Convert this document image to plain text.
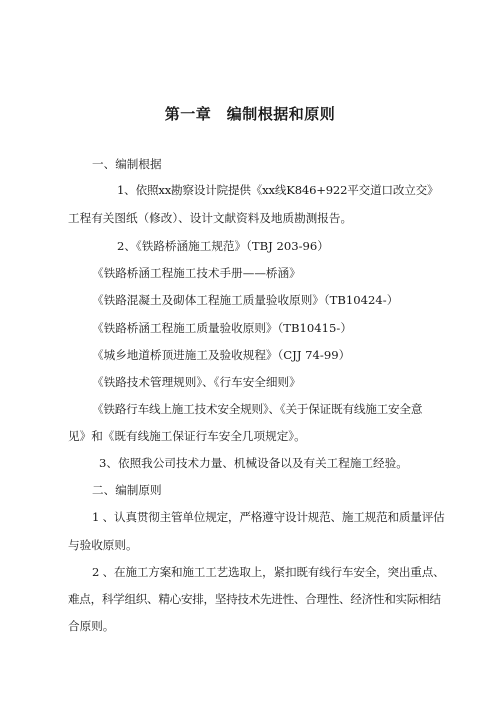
第一章　编制根据和原则
一、编制根据
1、依照xx勘察设计院提供《xx线K846+922平交道口改立交》
工程有关图纸（修改）、设计文献资料及地质勘测报告。
2、《铁路桥涵施工规范》（TBJ 203-96）
《铁路桥涵工程施工技术手册——桥涵》
《铁路混凝土及砌体工程施工质量验收原则》（TB10424-）
《铁路桥涵工程施工质量验收原则》（TB10415-）
《城乡地道桥顶进施工及验收规程》（CJJ 74-99）
《铁路技术管理规则》、《行车安全细则》
《铁路行车线上施工技术安全规则》、《关于保证既有线施工安全意
见》和《既有线施工保证行车安全几项规定》。
3、依照我公司技术力量、机械设备以及有关工程施工经验。
二、编制原则
1 、认真贯彻主管单位规定，严格遵守设计规范、施工规范和质量评估
与验收原则。
2 、在施工方案和施工工艺选取上，紧扣既有线行车安全，突出重点、
难点，科学组织、精心安排，坚持技术先进性、合理性、经济性和实际相结
合原则。
